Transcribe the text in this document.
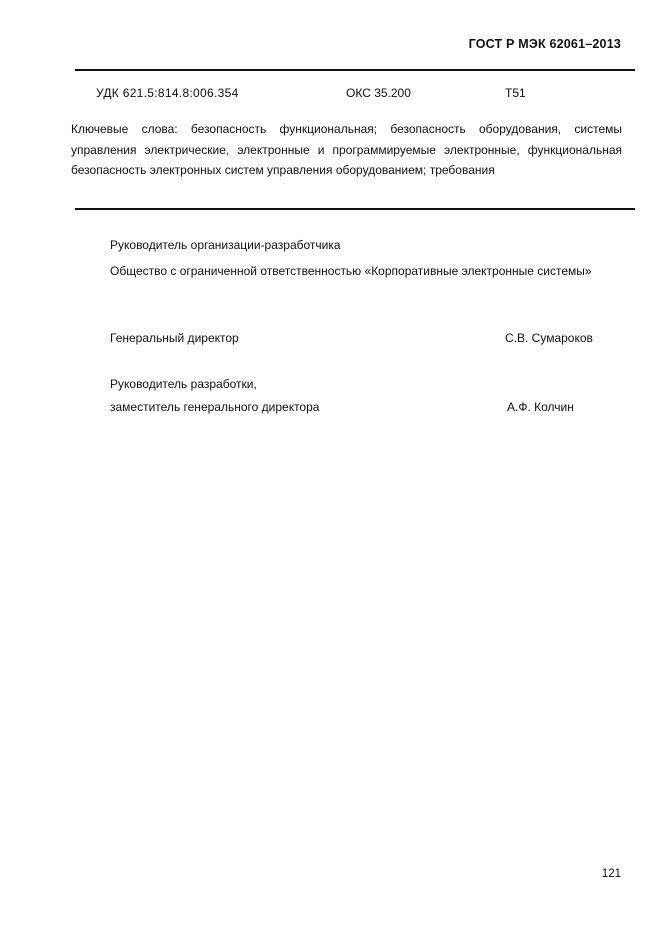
ГОСТ Р МЭК 62061–2013
УДК 621.5:814.8:006.354	ОКС 35.200	Т51
Ключевые слова: безопасность функциональная; безопасность оборудования, системы управления электрические, электронные и программируемые электронные, функциональная безопасность электронных систем управления оборудованием; требования
Руководитель организации-разработчика
Общество с ограниченной ответственностью «Корпоративные электронные системы»
Генеральный директор	С.В. Сумароков
Руководитель разработки,
заместитель генерального директора	А.Ф. Колчин
121
